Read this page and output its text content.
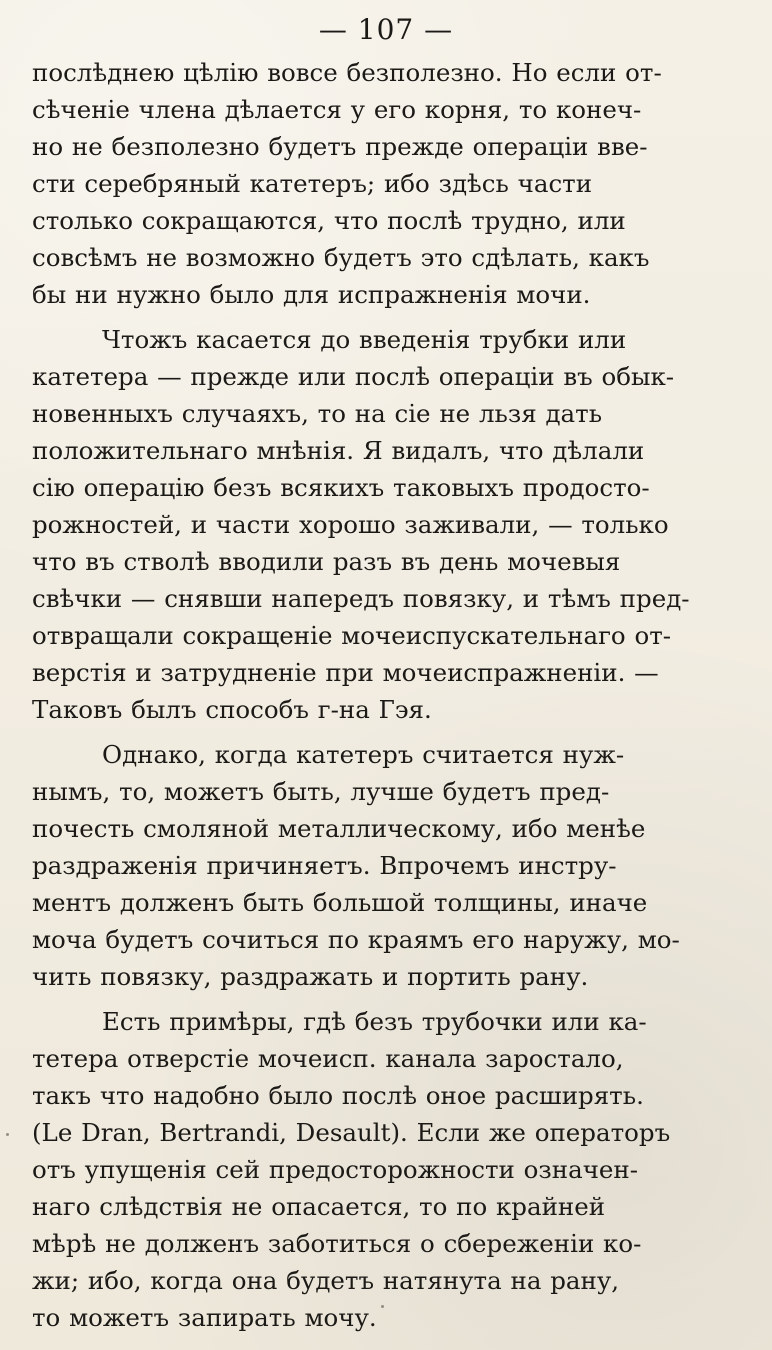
— 107 —
послѣднею цѣлію вовсе безполезно. Но если от-
сѣченіе члена дѣлается у его корня, то конеч-
но не безполезно будетъ прежде операціи вве-
сти серебряный катетеръ; ибо здѣсь части
столько сокращаются, что послѣ трудно, или
совсѣмъ не возможно будетъ это сдѣлать, какъ
бы ни нужно было для испражненія мочи.
Чтожъ касается до введенія трубки или
катетера — прежде или послѣ операціи въ обык-
новенныхъ случаяхъ, то на сіе не льзя дать
положительнаго мнѣнія. Я видалъ, что дѣлали
сію операцію безъ всякихъ таковыхъ продосто-
рожностей, и части хорошо заживали, — только
что въ стволѣ вводили разъ въ день мочевыя
свѣчки — снявши напередъ повязку, и тѣмъ пред-
отвращали сокращеніе мочеиспускательнаго от-
верстія и затрудненіе при мочеиспражненіи. —
Таковъ былъ способъ г-на Гэя.
Однако, когда катетеръ считается нуж-
нымъ, то, можетъ быть, лучше будетъ пред-
почесть смоляной металлическому, ибо менѣе
раздраженія причиняетъ. Впрочемъ инстру-
ментъ долженъ быть большой толщины, иначе
моча будетъ сочиться по краямъ его наружу, мо-
чить повязку, раздражать и портить рану.
Есть примѣры, гдѣ безъ трубочки или ка-
тетера отверстіе мочеисп. канала заростало,
такъ что надобно было послѣ оное расширять.
(Le Dran, Bertrandi, Desault). Если же операторъ
отъ упущенія сей предосторожности означен-
наго слѣдствія не опасается, то по крайней
мѣрѣ не долженъ заботиться о сбереженіи ко-
жи; ибо, когда она будетъ натянута на рану,
то можетъ запирать мочу.
